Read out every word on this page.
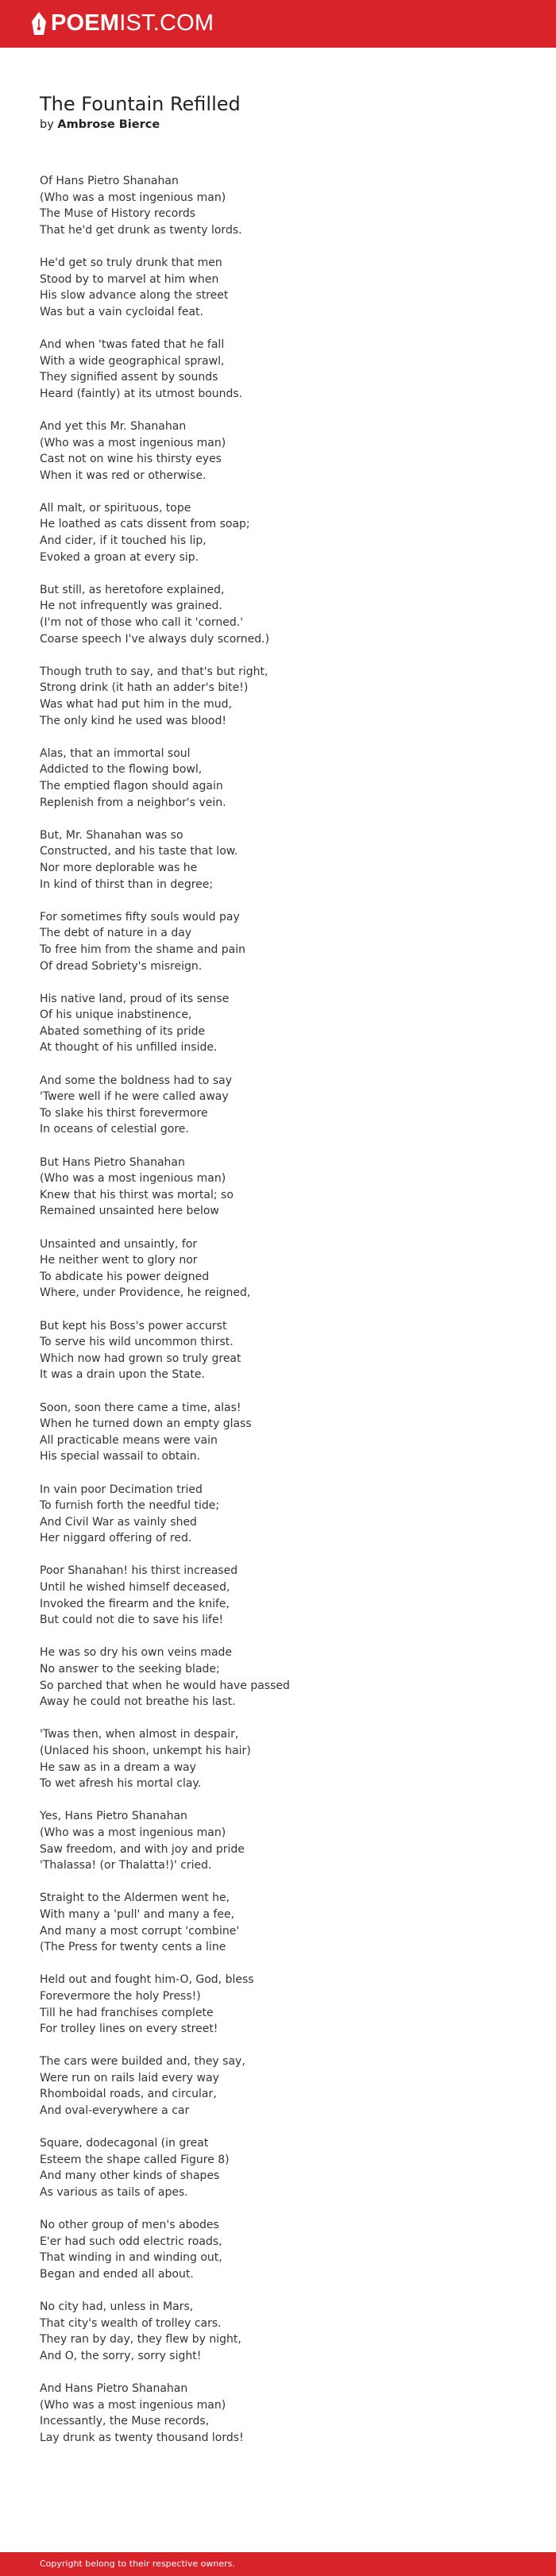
POEMIST.COM
The Fountain Refilled
by Ambrose Bierce
Of Hans Pietro Shanahan
(Who was a most ingenious man)
The Muse of History records
That he'd get drunk as twenty lords.
He'd get so truly drunk that men
Stood by to marvel at him when
His slow advance along the street
Was but a vain cycloidal feat.
And when 'twas fated that he fall
With a wide geographical sprawl,
They signified assent by sounds
Heard (faintly) at its utmost bounds.
And yet this Mr. Shanahan
(Who was a most ingenious man)
Cast not on wine his thirsty eyes
When it was red or otherwise.
All malt, or spirituous, tope
He loathed as cats dissent from soap;
And cider, if it touched his lip,
Evoked a groan at every sip.
But still, as heretofore explained,
He not infrequently was grained.
(I'm not of those who call it 'corned.'
Coarse speech I've always duly scorned.)
Though truth to say, and that's but right,
Strong drink (it hath an adder's bite!)
Was what had put him in the mud,
The only kind he used was blood!
Alas, that an immortal soul
Addicted to the flowing bowl,
The emptied flagon should again
Replenish from a neighbor's vein.
But, Mr. Shanahan was so
Constructed, and his taste that low.
Nor more deplorable was he
In kind of thirst than in degree;
For sometimes fifty souls would pay
The debt of nature in a day
To free him from the shame and pain
Of dread Sobriety's misreign.
His native land, proud of its sense
Of his unique inabstinence,
Abated something of its pride
At thought of his unfilled inside.
And some the boldness had to say
'Twere well if he were called away
To slake his thirst forevermore
In oceans of celestial gore.
But Hans Pietro Shanahan
(Who was a most ingenious man)
Knew that his thirst was mortal; so
Remained unsainted here below
Unsainted and unsaintly, for
He neither went to glory nor
To abdicate his power deigned
Where, under Providence, he reigned,
But kept his Boss's power accurst
To serve his wild uncommon thirst.
Which now had grown so truly great
It was a drain upon the State.
Soon, soon there came a time, alas!
When he turned down an empty glass
All practicable means were vain
His special wassail to obtain.
In vain poor Decimation tried
To furnish forth the needful tide;
And Civil War as vainly shed
Her niggard offering of red.
Poor Shanahan! his thirst increased
Until he wished himself deceased,
Invoked the firearm and the knife,
But could not die to save his life!
He was so dry his own veins made
No answer to the seeking blade;
So parched that when he would have passed
Away he could not breathe his last.
'Twas then, when almost in despair,
(Unlaced his shoon, unkempt his hair)
He saw as in a dream a way
To wet afresh his mortal clay.
Yes, Hans Pietro Shanahan
(Who was a most ingenious man)
Saw freedom, and with joy and pride
'Thalassa! (or Thalatta!)' cried.
Straight to the Aldermen went he,
With many a 'pull' and many a fee,
And many a most corrupt 'combine'
(The Press for twenty cents a line
Held out and fought him-O, God, bless
Forevermore the holy Press!)
Till he had franchises complete
For trolley lines on every street!
The cars were builded and, they say,
Were run on rails laid every way
Rhomboidal roads, and circular,
And oval-everywhere a car
Square, dodecagonal (in great
Esteem the shape called Figure 8)
And many other kinds of shapes
As various as tails of apes.
No other group of men's abodes
E'er had such odd electric roads,
That winding in and winding out,
Began and ended all about.
No city had, unless in Mars,
That city's wealth of trolley cars.
They ran by day, they flew by night,
And O, the sorry, sorry sight!
And Hans Pietro Shanahan
(Who was a most ingenious man)
Incessantly, the Muse records,
Lay drunk as twenty thousand lords!
Copyright belong to their respective owners.
